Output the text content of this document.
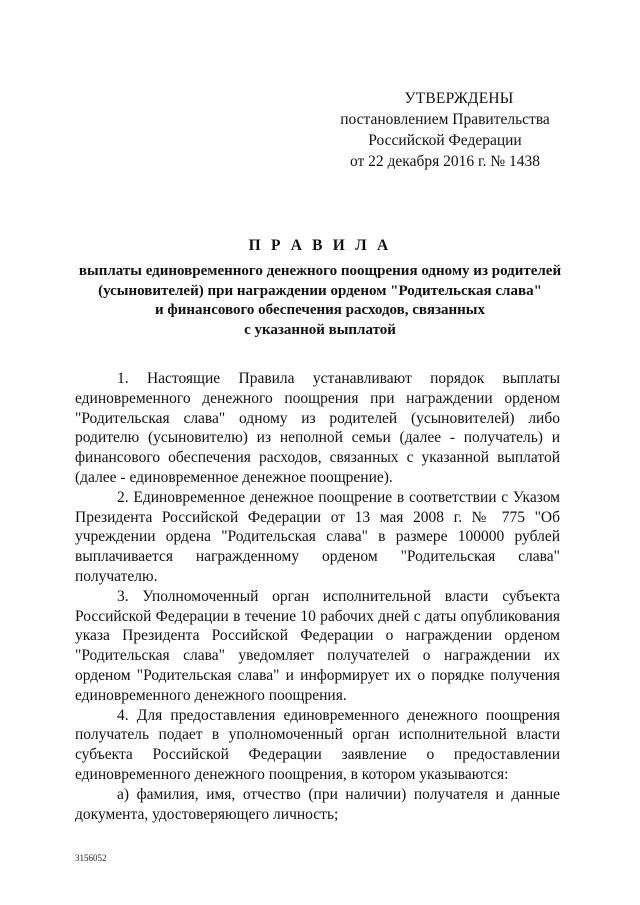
УТВЕРЖДЕНЫ
постановлением Правительства
Российской Федерации
от 22 декабря 2016 г. № 1438
П Р А В И Л А
выплаты единовременного денежного поощрения одному из родителей
(усыновителей) при награждении орденом "Родительская слава"
и финансового обеспечения расходов, связанных
с указанной выплатой

1. Настоящие Правила устанавливают порядок выплаты единовременного денежного поощрения при награждении орденом "Родительская слава" одному из родителей (усыновителей) либо родителю (усыновителю) из неполной семьи (далее - получатель) и финансового обеспечения расходов, связанных с указанной выплатой (далее - единовременное денежное поощрение).

2. Единовременное денежное поощрение в соответствии с Указом Президента Российской Федерации от 13 мая 2008 г. № 775 "Об учреждении ордена "Родительская слава" в размере 100000 рублей выплачивается награжденному орденом "Родительская слава" получателю.

3. Уполномоченный орган исполнительной власти субъекта Российской Федерации в течение 10 рабочих дней с даты опубликования указа Президента Российской Федерации о награждении орденом "Родительская слава" уведомляет получателей о награждении их орденом "Родительская слава" и информирует их о порядке получения единовременного денежного поощрения.

4. Для предоставления единовременного денежного поощрения получатель подает в уполномоченный орган исполнительной власти субъекта Российской Федерации заявление о предоставлении единовременного денежного поощрения, в котором указываются:

а) фамилия, имя, отчество (при наличии) получателя и данные документа, удостоверяющего личность;

3156052
